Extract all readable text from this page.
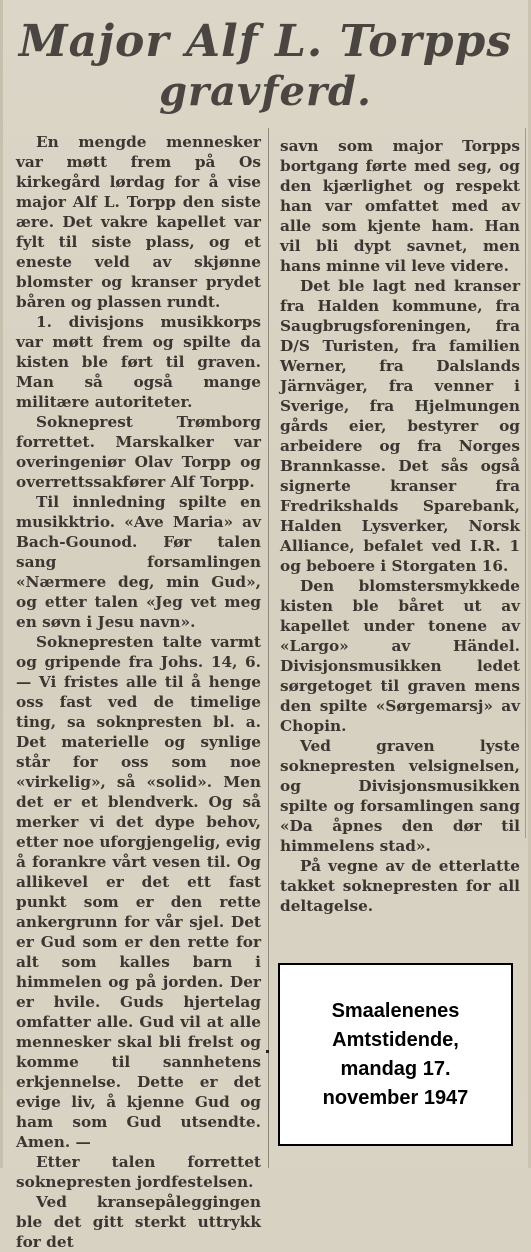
Major Alf L. Torpps
gravferd.

En mengde mennesker var møtt frem på Os kirkegård lørdag for å vise major Alf L. Torpp den siste ære. Det vakre kapellet var fylt til siste plass, og et eneste veld av skjønne blomster og kranser prydet båren og plassen rundt.

1. divisjons musikkorps var møtt frem og spilte da kisten ble ført til graven. Man så også mange militære autoriteter.

Sokneprest Trømborg forrettet. Marskalker var overingeniør Olav Torpp og overrettssakfører Alf Torpp.

Til innledning spilte en musikktrio. «Ave Maria» av Bach-Gounod. Før talen sang forsamlingen «Nærmere deg, min Gud», og etter talen «Jeg vet meg en søvn i Jesu navn».

Soknepresten talte varmt og gripende fra Johs. 14, 6. — Vi fristes alle til å henge oss fast ved de timelige ting, sa soknpresten bl. a. Det materielle og synlige står for oss som noe «virkelig», så «solid». Men det er et blendverk. Og så merker vi det dype behov, etter noe uforgjengelig, evig å forankre vårt vesen til. Og allikevel er det ett fast punkt som er den rette ankergrunn for vår sjel. Det er Gud som er den rette for alt som kalles barn i himmelen og på jorden. Der er hvile. Guds hjertelag omfatter alle. Gud vil at alle mennesker skal bli frelst og komme til sannhetens erkjennelse. Dette er det evige liv, å kjenne Gud og ham som Gud utsendte. Amen. —

Etter talen forrettet soknepresten jordfestelsen.

Ved kransepåleggingen ble det gitt sterkt uttrykk for det

savn som major Torpps bortgang førte med seg, og den kjærlighet og respekt han var omfattet med av alle som kjente ham. Han vil bli dypt savnet, men hans minne vil leve videre.

Det ble lagt ned kranser fra Halden kommune, fra Saugbrugsforeningen, fra D/S Turisten, fra familien Werner, fra Dalslands Järnväger, fra venner i Sverige, fra Hjelmungen gårds eier, bestyrer og arbeidere og fra Norges Brannkasse. Det sås også signerte kranser fra Fredrikshalds Sparebank, Halden Lysverker, Norsk Alliance, befalet ved I.R. 1 og beboere i Storgaten 16.

Den blomstersmykkede kisten ble båret ut av kapellet under tonene av «Largo» av Händel. Divisjonsmusikken ledet sørgetoget til graven mens den spilte «Sørgemarsj» av Chopin.

Ved graven lyste soknepresten velsignelsen, og Divisjonsmusikken spilte og forsamlingen sang «Da åpnes den dør til himmelens stad».

På vegne av de etterlatte takket soknepresten for all deltagelse.

Smaalenenes
Amtstidende,
mandag 17.
november 1947
